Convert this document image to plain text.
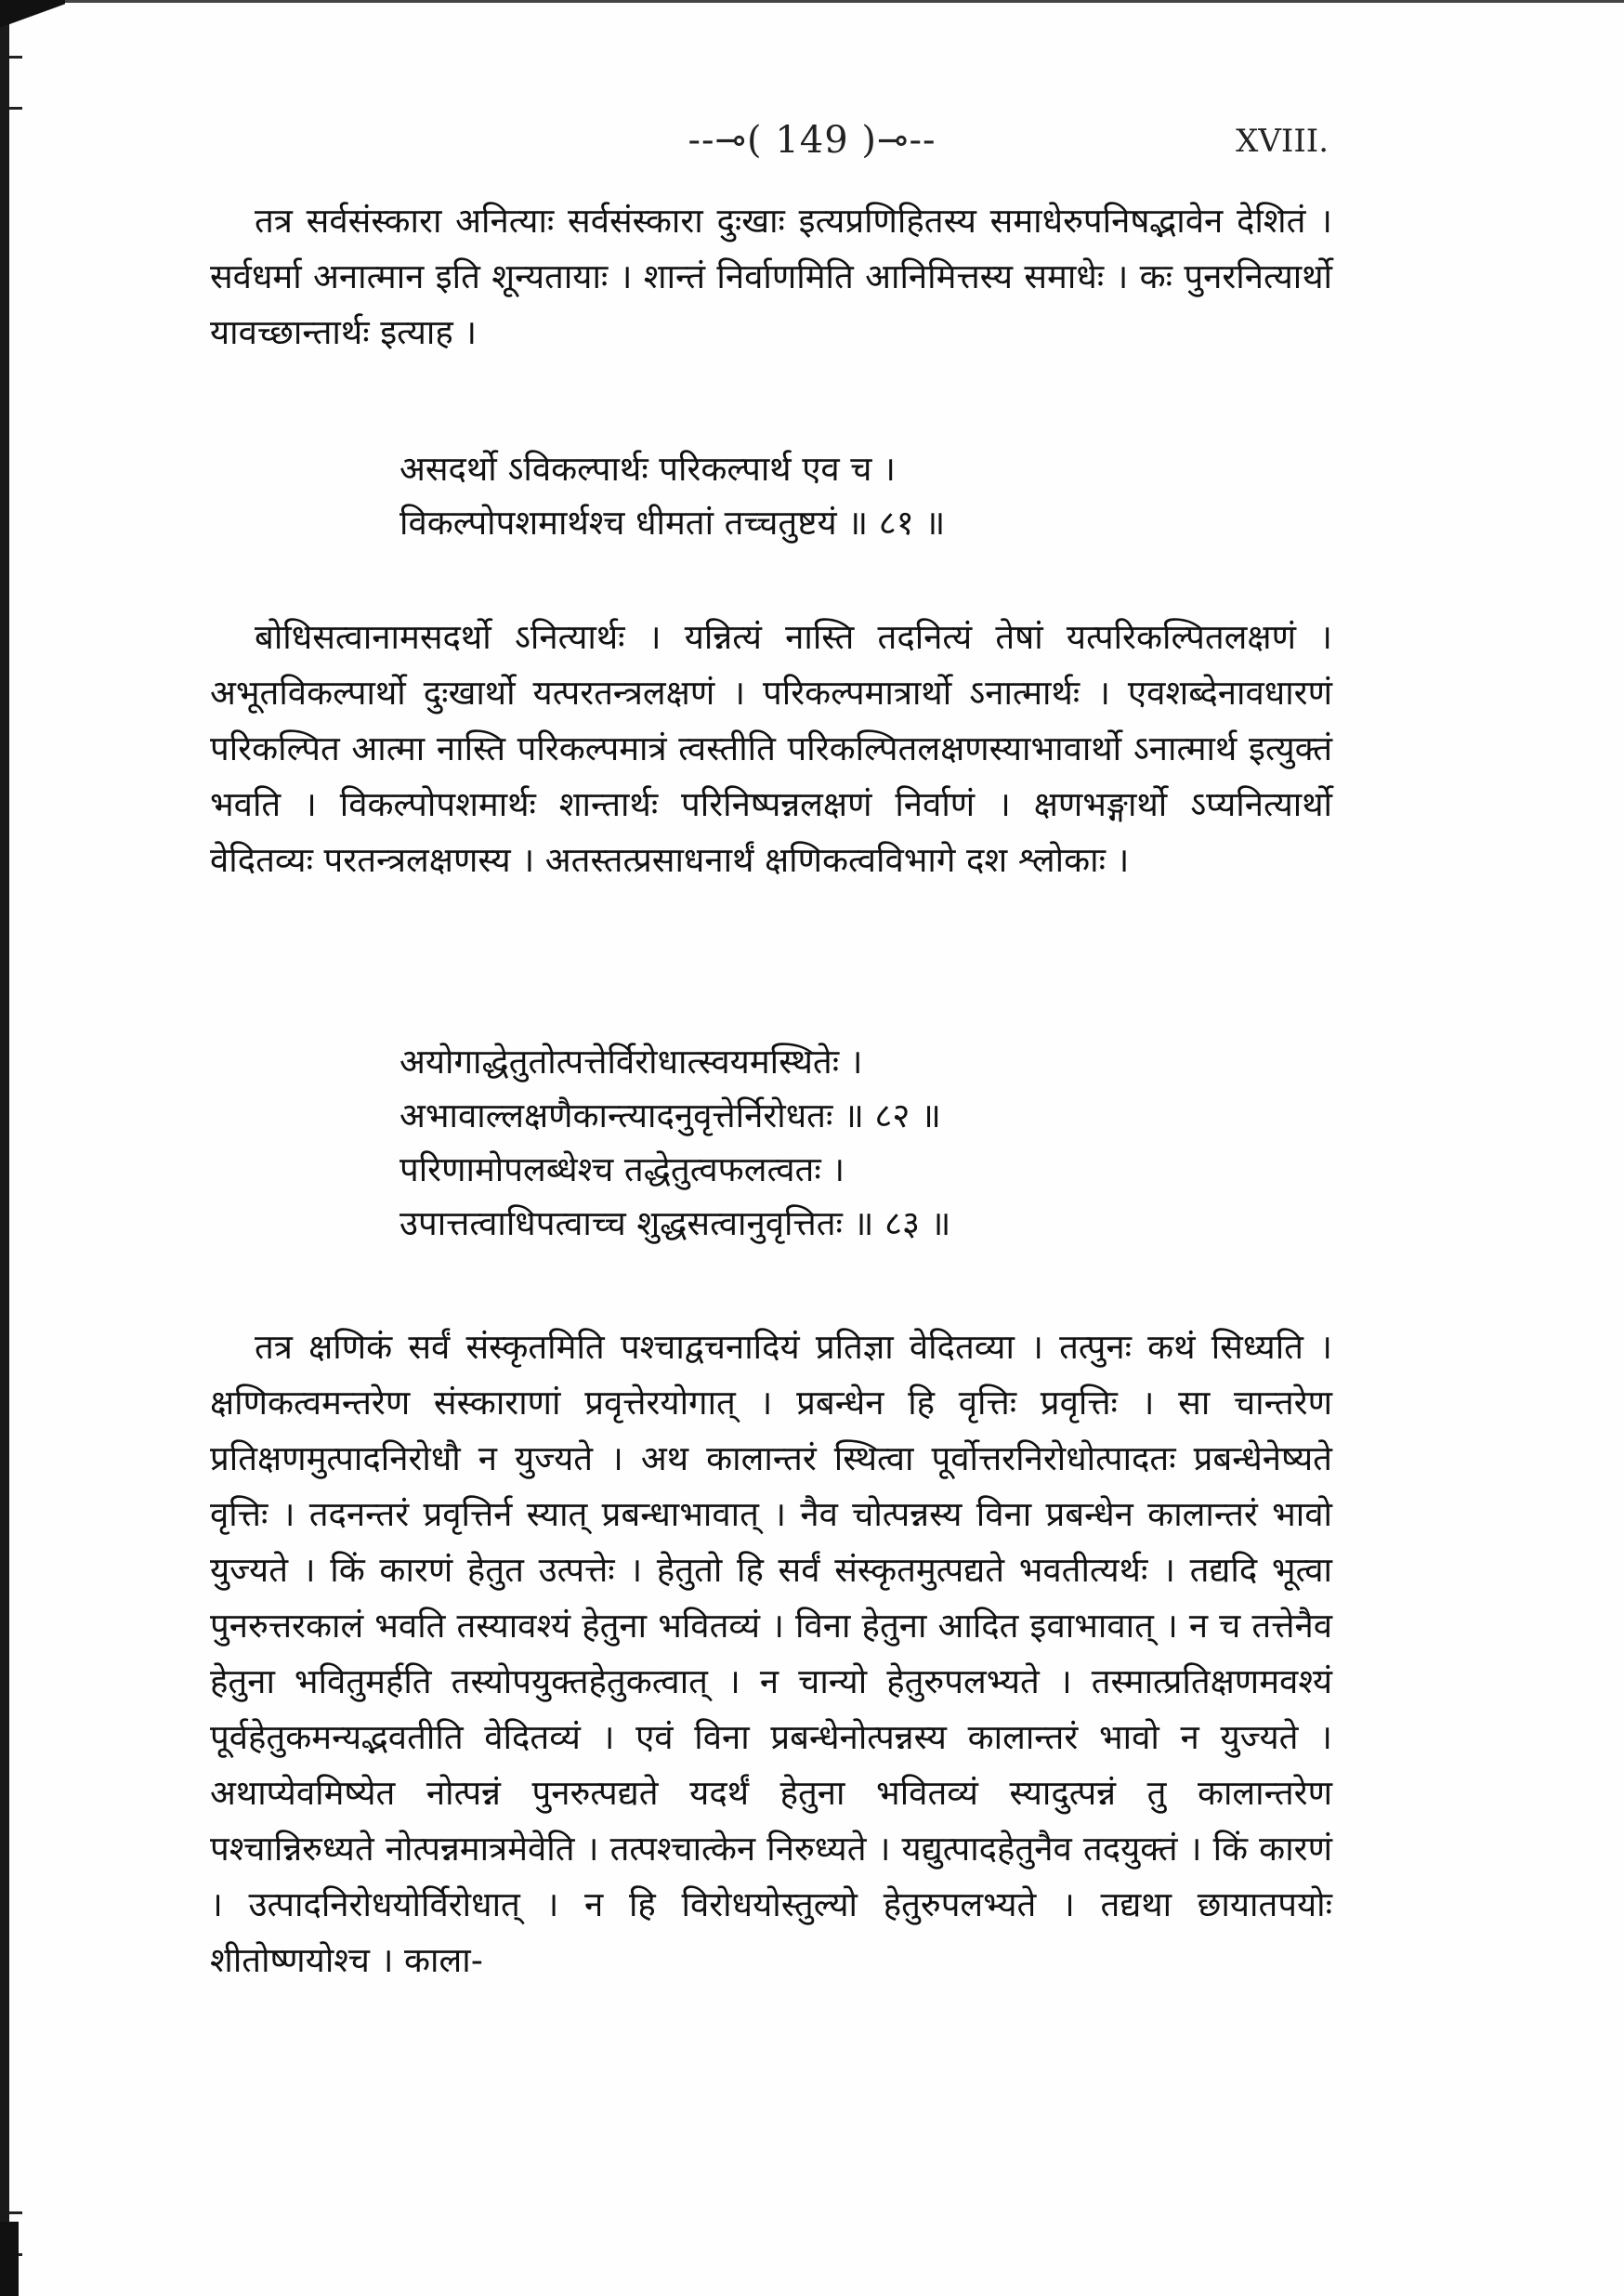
--⊸( 149 )⊸--	XVIII.

तत्र सर्वसंस्कारा अनित्याः सर्वसंस्कारा दुःखाः इत्यप्रणिहितस्य समाधेरुपनिषद्भावेन देशितं । सर्वधर्मा अनात्मान इति शून्यतायाः । शान्तं निर्वाणमिति आनिमित्तस्य समाधेः । कः पुनरनित्यार्थो यावच्छान्तार्थः इत्याह ।

असदर्थो ऽविकल्पार्थः परिकल्पार्थ एव च ।
विकल्पोपशमार्थश्च धीमतां तच्चतुष्टयं ॥ ८१ ॥

बोधिसत्वानामसदर्थो ऽनित्यार्थः । यन्नित्यं नास्ति तदनित्यं तेषां यत्परिकल्पितलक्षणं । अभूतविकल्पार्थो दुःखार्थो यत्परतन्त्रलक्षणं । परिकल्पमात्रार्थो ऽनात्मार्थः । एवशब्देनावधारणं परिकल्पित आत्मा नास्ति परिकल्पमात्रं त्वस्तीति परिकल्पितलक्षणस्याभावार्थो ऽनात्मार्थ इत्युक्तं भवति । विकल्पोपशमार्थः शान्तार्थः परिनिष्पन्नलक्षणं निर्वाणं । क्षणभङ्गार्थो ऽप्यनित्यार्थो वेदितव्यः परतन्त्रलक्षणस्य । अतस्तत्प्रसाधनार्थं क्षणिकत्वविभागे दश श्लोकाः ।

अयोगाद्धेतुतोत्पत्तेर्विरोधात्स्वयमस्थितेः ।
अभावाल्लक्षणैकान्त्यादनुवृत्तेर्निरोधतः ॥ ८२ ॥
परिणामोपलब्धेश्च तद्धेतुत्वफलत्वतः ।
उपात्तत्वाधिपत्वाच्च शुद्धसत्वानुवृत्तितः ॥ ८३ ॥

तत्र क्षणिकं सर्वं संस्कृतमिति पश्चाद्वचनादियं प्रतिज्ञा वेदितव्या । तत्पुनः कथं सिध्यति । क्षणिकत्वमन्तरेण संस्काराणां प्रवृत्तेरयोगात् । प्रबन्धेन हि वृत्तिः प्रवृत्तिः । सा चान्तरेण प्रतिक्षणमुत्पादनिरोधौ न युज्यते । अथ कालान्तरं स्थित्वा पूर्वोत्तरनिरोधोत्पादतः प्रबन्धेनेष्यते वृत्तिः । तदनन्तरं प्रवृत्तिर्न स्यात् प्रबन्धाभावात् । नैव चोत्पन्नस्य विना प्रबन्धेन कालान्तरं भावो युज्यते । किं कारणं हेतुत उत्पत्तेः । हेतुतो हि सर्वं संस्कृतमुत्पद्यते भवतीत्यर्थः । तद्यदि भूत्वा पुनरुत्तरकालं भवति तस्यावश्यं हेतुना भवितव्यं । विना हेतुना आदित इवाभावात् । न च तत्तेनैव हेतुना भवितुमर्हति तस्योपयुक्तहेतुकत्वात् । न चान्यो हेतुरुपलभ्यते । तस्मात्प्रतिक्षणमवश्यं पूर्वहेतुकमन्यद्भवतीति वेदितव्यं । एवं विना प्रबन्धेनोत्पन्नस्य कालान्तरं भावो न युज्यते । अथाप्येवमिष्येत नोत्पन्नं पुनरुत्पद्यते यदर्थं हेतुना भवितव्यं स्यादुत्पन्नं तु कालान्तरेण पश्चान्निरुध्यते नोत्पन्नमात्रमेवेति । तत्पश्चात्केन निरुध्यते । यद्युत्पादहेतुनैव तदयुक्तं । किं कारणं । उत्पादनिरोधयोर्विरोधात् । न हि विरोधयोस्तुल्यो हेतुरुपलभ्यते । तद्यथा छायातपयोः शीतोष्णयोश्च । काला-
